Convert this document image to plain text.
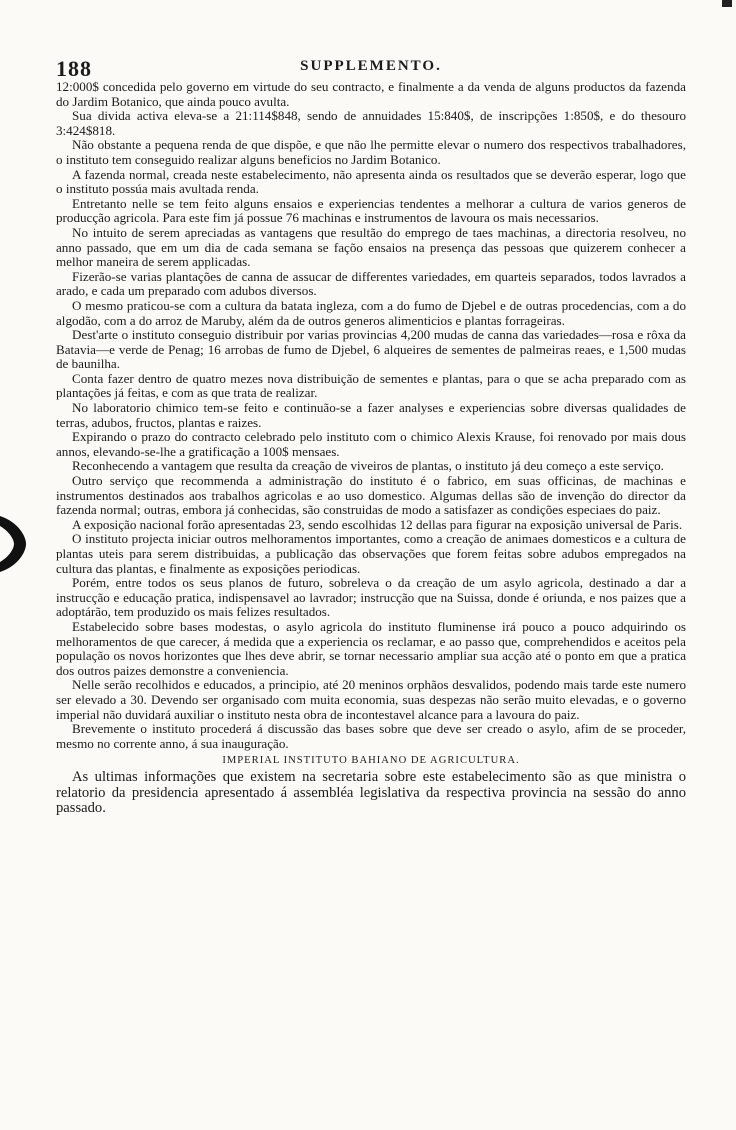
188	SUPPLEMENTO.

12:000$ concedida pelo governo em virtude do seu contracto, e finalmente a da venda de alguns productos da fazenda do Jardim Botanico, que ainda pouco avulta.

Sua divida activa eleva-se a 21:114$848, sendo de annuidades 15:840$, de inscripções 1:850$, e do thesouro 3:424$818.

Não obstante a pequena renda de que dispõe, e que não lhe permitte elevar o numero dos respectivos trabalhadores, o instituto tem conseguido realizar alguns beneficios no Jardim Botanico.

A fazenda normal, creada neste estabelecimento, não apresenta ainda os resultados que se deverão esperar, logo que o instituto possúa mais avultada renda.

Entretanto nelle se tem feito alguns ensaios e experiencias tendentes a melhorar a cultura de varios generos de producção agricola. Para este fim já possue 76 machinas e instrumentos de lavoura os mais necessarios.

No intuito de serem apreciadas as vantagens que resultão do emprego de taes machinas, a directoria resolveu, no anno passado, que em um dia de cada semana se façõo ensaios na presença das pessoas que quizerem conhecer a melhor maneira de serem applicadas.

Fizerão-se varias plantações de canna de assucar de differentes variedades, em quarteis separados, todos lavrados a arado, e cada um preparado com adubos diversos.

O mesmo praticou-se com a cultura da batata ingleza, com a do fumo de Djebel e de outras procedencias, com a do algodão, com a do arroz de Maruby, além da de outros generos alimenticios e plantas forrageiras.

Dest'arte o instituto conseguio distribuir por varias provincias 4,200 mudas de canna das variedades—rosa e rôxa da Batavia—e verde de Penag; 16 arrobas de fumo de Djebel, 6 alqueires de sementes de palmeiras reaes, e 1,500 mudas de baunilha.

Conta fazer dentro de quatro mezes nova distribuição de sementes e plantas, para o que se acha preparado com as plantações já feitas, e com as que trata de realizar.

No laboratorio chimico tem-se feito e continuão-se a fazer analyses e experiencias sobre diversas qualidades de terras, adubos, fructos, plantas e raizes.

Expirando o prazo do contracto celebrado pelo instituto com o chimico Alexis Krause, foi renovado por mais dous annos, elevando-se-lhe a gratificação a 100$ mensaes.

Reconhecendo a vantagem que resulta da creação de viveiros de plantas, o instituto já deu começo a este serviço.

Outro serviço que recommenda a administração do instituto é o fabrico, em suas officinas, de machinas e instrumentos destinados aos trabalhos agricolas e ao uso domestico. Algumas dellas são de invenção do director da fazenda normal; outras, embora já conhecidas, são construidas de modo a satisfazer as condições especiaes do paiz.

A exposição nacional forão apresentadas 23, sendo escolhidas 12 dellas para figurar na exposição universal de Paris.

O instituto projecta iniciar outros melhoramentos importantes, como a creação de animaes domesticos e a cultura de plantas uteis para serem distribuidas, a publicação das observações que forem feitas sobre adubos empregados na cultura das plantas, e finalmente as exposições periodicas.

Porém, entre todos os seus planos de futuro, sobreleva o da creação de um asylo agricola, destinado a dar a instrucção e educação pratica, indispensavel ao lavrador; instrucção que na Suissa, donde é oriunda, e nos paizes que a adoptárão, tem produzido os mais felizes resultados.

Estabelecido sobre bases modestas, o asylo agricola do instituto fluminense irá pouco a pouco adquirindo os melhoramentos de que carecer, á medida que a experiencia os reclamar, e ao passo que, comprehendidos e aceitos pela população os novos horizontes que lhes deve abrir, se tornar necessario ampliar sua acção até o ponto em que a pratica dos outros paizes demonstre a conveniencia.

Nelle serão recolhidos e educados, a principio, até 20 meninos orphãos desvalidos, podendo mais tarde este numero ser elevado a 30. Devendo ser organisado com muita economia, suas despezas não serão muito elevadas, e o governo imperial não duvidará auxiliar o instituto nesta obra de incontestavel alcance para a lavoura do paiz.

Brevemente o instituto procederá á discussão das bases sobre que deve ser creado o asylo, afim de se proceder, mesmo no corrente anno, á sua inauguração.

IMPERIAL INSTITUTO BAHIANO DE AGRICULTURA.

As ultimas informações que existem na secretaria sobre este estabelecimento são as que ministra o relatorio da presidencia apresentado á assembléa legislativa da respectiva provincia na sessão do anno passado.
